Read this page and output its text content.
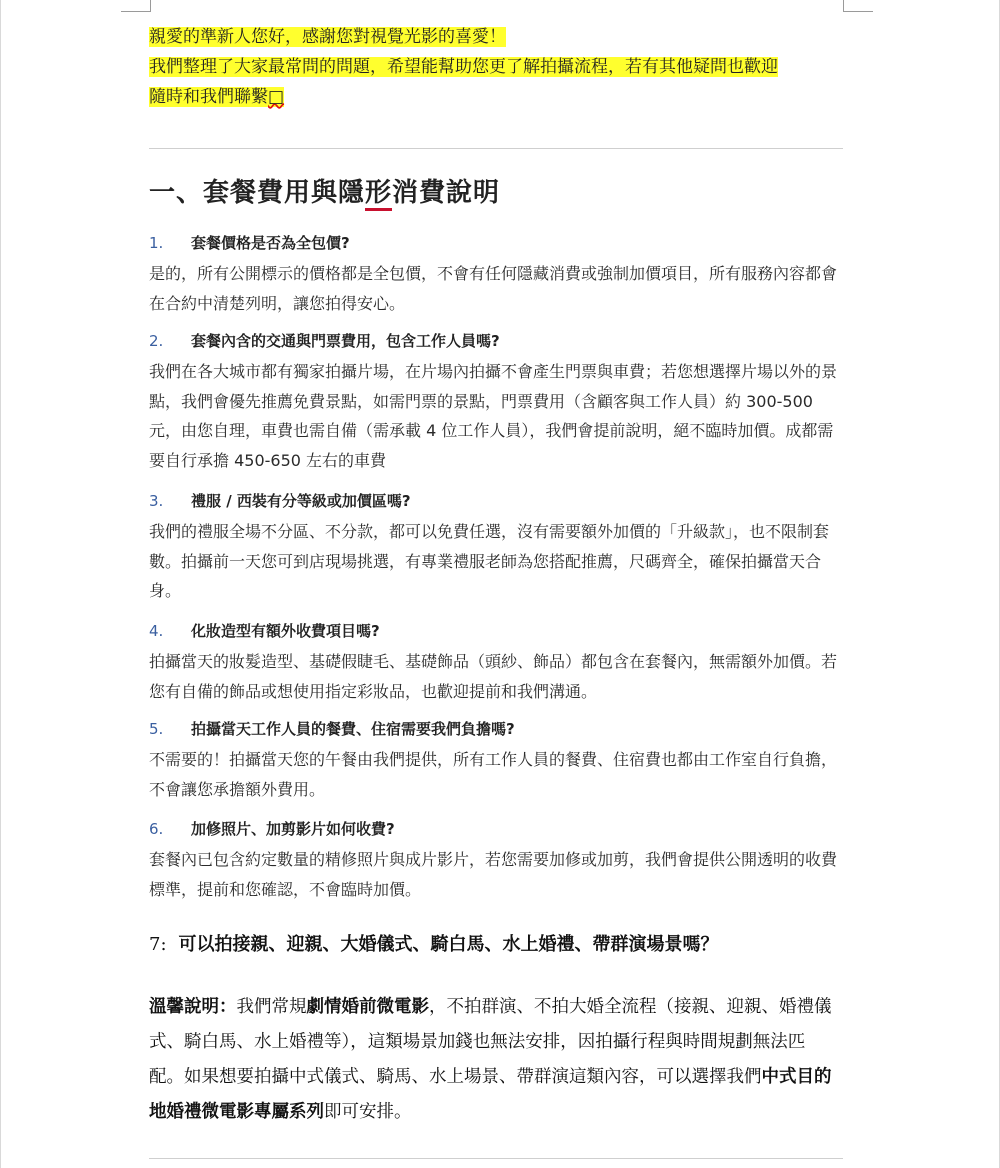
親愛的準新人您好，感謝您對視覺光影的喜愛！

我們整理了大家最常問的問題，希望能幫助您更了解拍攝流程，若有其他疑問也歡迎

隨時和我們聯繫□

一、套餐費用與隱形消費說明
1.	套餐價格是否為全包價?
是的，所有公開標示的價格都是全包價，不會有任何隱藏消費或強制加價項目，所有服務內容都會在合約中清楚列明，讓您拍得安心。
2.	套餐內含的交通與門票費用，包含工作人員嗎?
我們在各大城市都有獨家拍攝片場，在片場內拍攝不會產生門票與車費；若您想選擇片場以外的景點，我們會優先推薦免費景點，如需門票的景點，門票費用（含顧客與工作人員）約 300-500 元，由您自理，車費也需自備（需承載 4 位工作人員），我們會提前說明，絕不臨時加價。成都需要自行承擔 450-650 左右的車費
3.	禮服 / 西裝有分等級或加價區嗎?
我們的禮服全場不分區、不分款，都可以免費任選，沒有需要額外加價的「升級款」，也不限制套數。拍攝前一天您可到店現場挑選，有專業禮服老師為您搭配推薦，尺碼齊全，確保拍攝當天合身。
4.	化妝造型有額外收費項目嗎?
拍攝當天的妝髮造型、基礎假睫毛、基礎飾品（頭紗、飾品）都包含在套餐內，無需額外加價。若您有自備的飾品或想使用指定彩妝品，也歡迎提前和我們溝通。
5.	拍攝當天工作人員的餐費、住宿需要我們負擔嗎?
不需要的！拍攝當天您的午餐由我們提供，所有工作人員的餐費、住宿費也都由工作室自行負擔，不會讓您承擔額外費用。
6.	加修照片、加剪影片如何收費?
套餐內已包含約定數量的精修照片與成片影片，若您需要加修或加剪，我們會提供公開透明的收費標準，提前和您確認，不會臨時加價。
7: 可以拍接親、迎親、大婚儀式、騎白馬、水上婚禮、帶群演場景嗎？
溫馨說明：我們常規劇情婚前微電影，不拍群演、不拍大婚全流程（接親、迎親、婚禮儀式、騎白馬、水上婚禮等），這類場景加錢也無法安排，因拍攝行程與時間規劃無法匹配。如果想要拍攝中式儀式、騎馬、水上場景、帶群演這類內容，可以選擇我們中式目的地婚禮微電影專屬系列即可安排。
